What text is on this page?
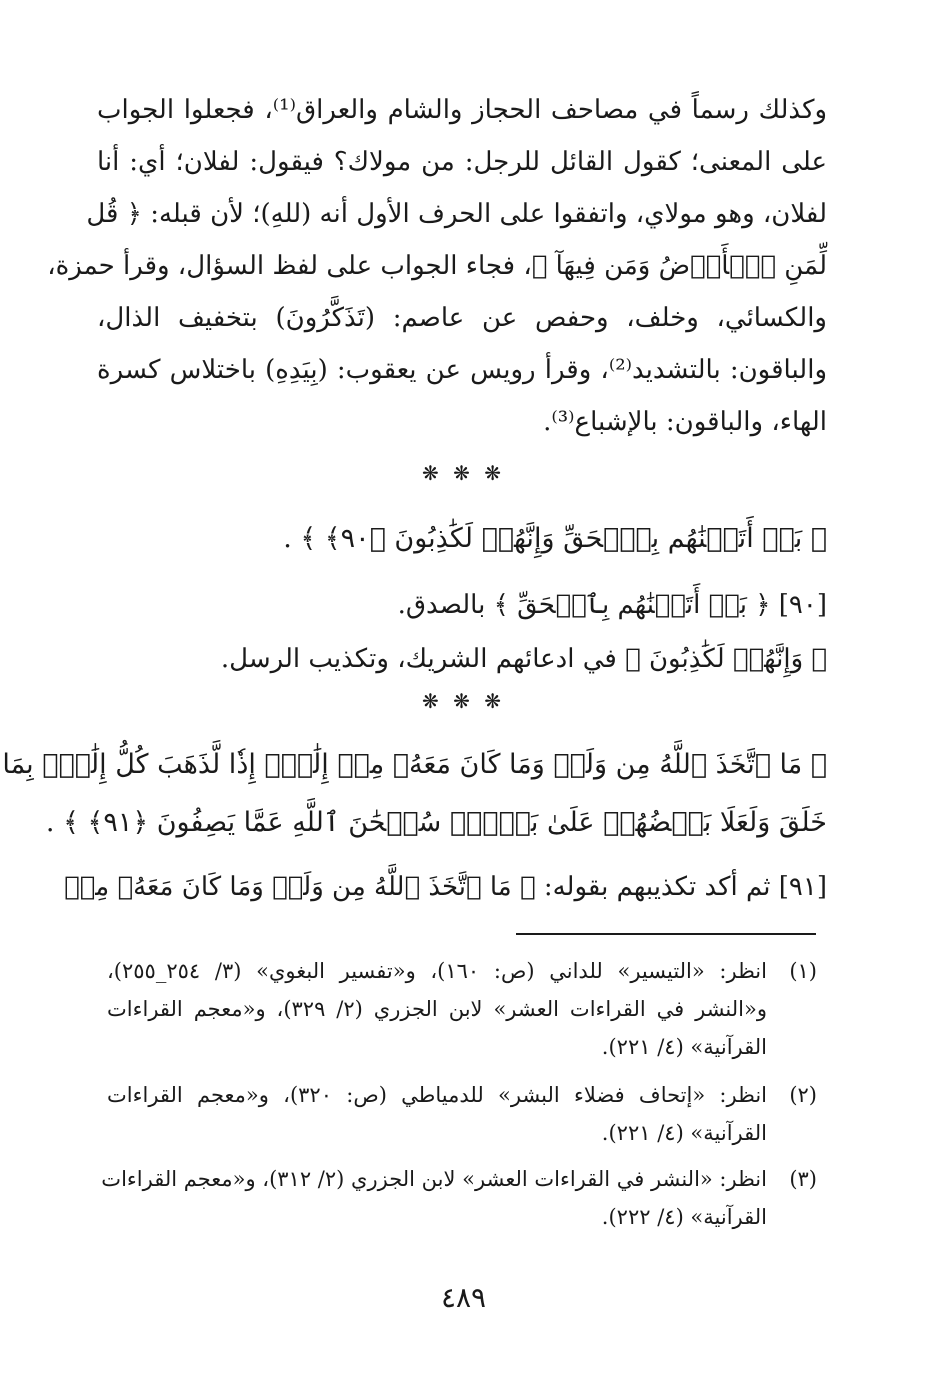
وكذلك رسماً في مصاحف الحجاز والشام والعراق⁽¹⁾، فجعلوا الجواب
على المعنى؛ كقول القائل للرجل: من مولاك؟ فيقول: لفلان؛ أي: أنا
لفلان، وهو مولاي، واتفقوا على الحرف الأول أنه (للهِ)؛ لأن قبله: ﴿ قُل
لِّمَنِ ٱلۡأَرۡضُ وَمَن فِيهَآ ﴾، فجاء الجواب على لفظ السؤال، وقرأ حمزة،
والكسائي، وخلف، وحفص عن عاصم: (تَذَكَّرُونَ) بتخفيف الذال،
والباقون: بالتشديد⁽²⁾، وقرأ رويس عن يعقوب: (بِيَدِهِ) باختلاس كسرة
الهاء، والباقون: بالإشباع⁽³⁾.
❋ ❋ ❋
﴿ بَلۡ أَتَيۡنَٰهُم بِٱلۡحَقِّ وَإِنَّهُمۡ لَكَٰذِبُونَ ﴿٩٠﴾ ﴾ .
[٩٠] ﴿ بَلۡ أَتَيۡنَٰهُم بِٱلۡحَقِّ ﴾ بالصدق.
﴿ وَإِنَّهُمۡ لَكَٰذِبُونَ ﴾ في ادعائهم الشريك، وتكذيب الرسل.
❋ ❋ ❋
﴿ مَا ٱتَّخَذَ ٱللَّهُ مِن وَلَدٖ وَمَا كَانَ مَعَهُۥ مِنۡ إِلَٰهٍۚ إِذٗا لَّذَهَبَ كُلُّ إِلَٰهِۭ بِمَا
خَلَقَ وَلَعَلَا بَعۡضُهُمۡ عَلَىٰ بَعۡضٖۚ سُبۡحَٰنَ ٱللَّهِ عَمَّا يَصِفُونَ ﴿٩١﴾ ﴾ .
[٩١] ثم أكد تكذيبهم بقوله: ﴿ مَا ٱتَّخَذَ ٱللَّهُ مِن وَلَدٖ وَمَا كَانَ مَعَهُۥ مِنۡ
(١)
انظر: «التيسير» للداني (ص: ١٦٠)، و«تفسير البغوي» (٣/ ٢٥٤_٢٥٥)،
و«النشر في القراءات العشر» لابن الجزري (٢/ ٣٢٩)، و«معجم القراءات
القرآنية» (٤/ ٢٢١).
(٢)
انظر: «إتحاف فضلاء البشر» للدمياطي (ص: ٣٢٠)، و«معجم القراءات
القرآنية» (٤/ ٢٢١).
(٣)
انظر: «النشر في القراءات العشر» لابن الجزري (٢/ ٣١٢)، و«معجم القراءات
القرآنية» (٤/ ٢٢٢).
٤٨٩
